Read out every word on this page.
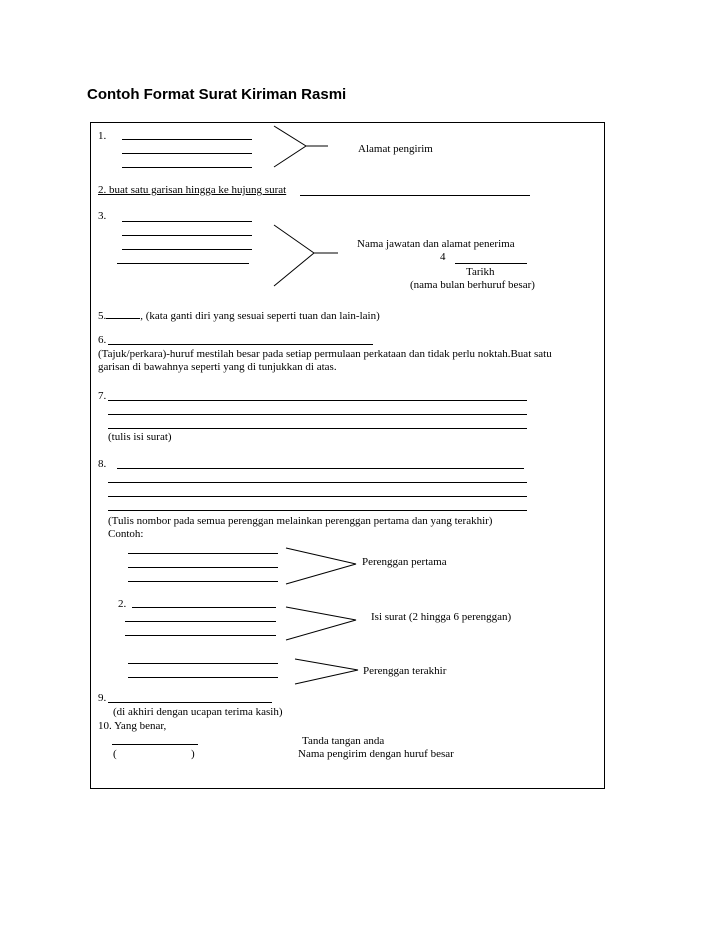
Contoh Format Surat Kiriman Rasmi
1.
Alamat pengirim
2. buat satu garisan hingga ke hujung surat
3.
Nama jawatan dan alamat penerima
4
Tarikh
(nama bulan berhuruf besar)
5.	, (kata ganti diri yang sesuai seperti tuan dan lain-lain)
6.
(Tajuk/perkara)-huruf mestilah besar pada setiap permulaan perkataan dan tidak perlu noktah.Buat satu
garisan di bawahnya seperti yang di tunjukkan di atas.
7.
(tulis isi surat)
8.
(Tulis nombor pada semua perenggan melainkan perenggan pertama dan yang terakhir)
Contoh:
Perenggan pertama
2.
Isi surat (2 hingga 6 perenggan)
Perenggan terakhir
9.
(di akhiri dengan ucapan terima kasih)
10. Yang benar,
Tanda tangan anda
(	)	Nama pengirim dengan huruf besar
